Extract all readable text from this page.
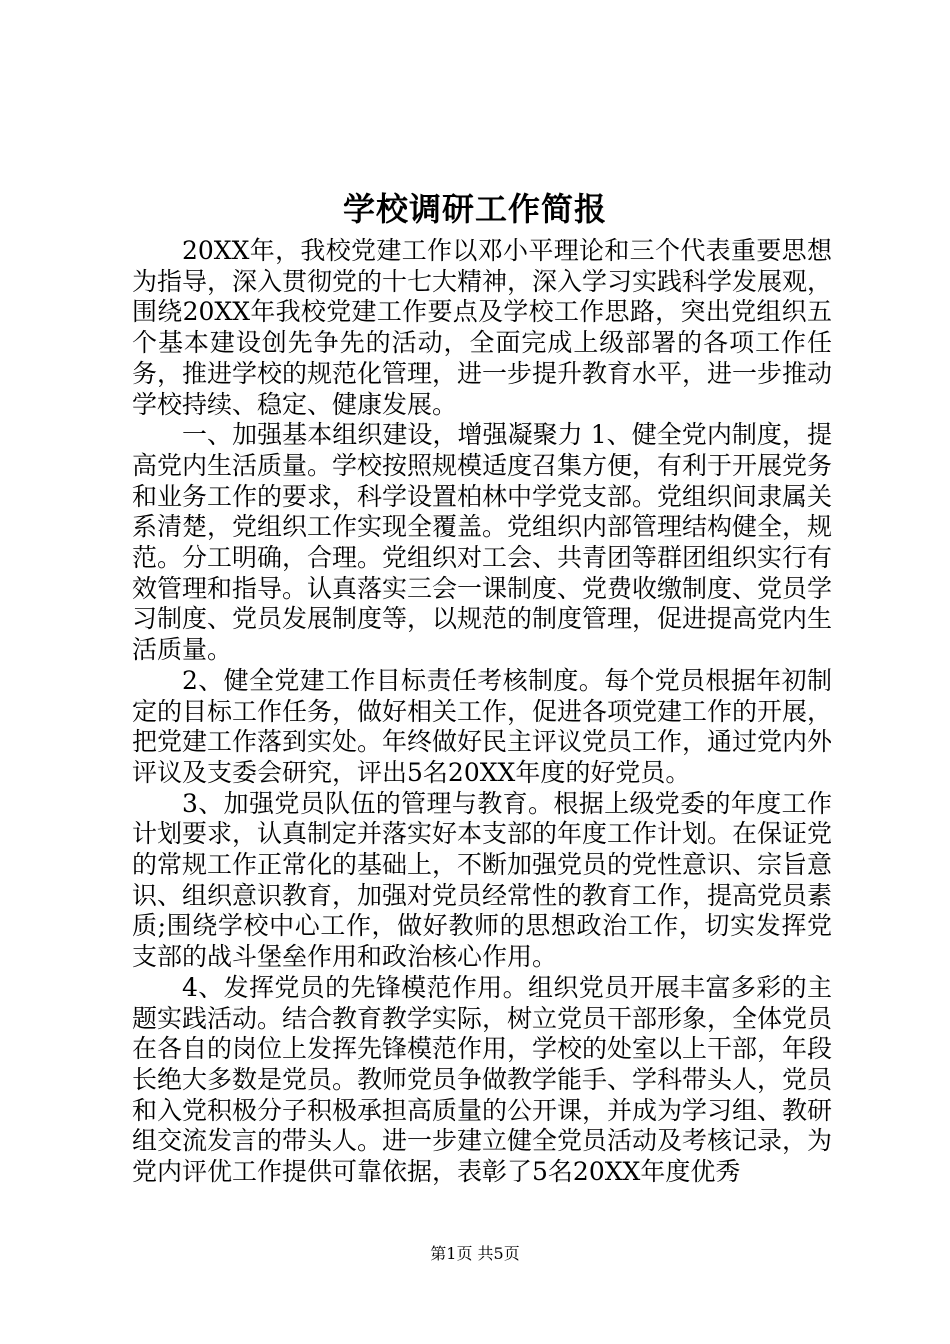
学校调研工作简报

20XX年，我校党建工作以邓小平理论和三个代表重要思想为指导，深入贯彻党的十七大精神，深入学习实践科学发展观，围绕20XX年我校党建工作要点及学校工作思路，突出党组织五个基本建设创先争先的活动，全面完成上级部署的各项工作任务，推进学校的规范化管理，进一步提升教育水平，进一步推动学校持续、稳定、健康发展。

一、加强基本组织建设，增强凝聚力 1、健全党内制度，提高党内生活质量。学校按照规模适度召集方便，有利于开展党务和业务工作的要求，科学设置柏林中学党支部。党组织间隶属关系清楚，党组织工作实现全覆盖。党组织内部管理结构健全，规范。分工明确，合理。党组织对工会、共青团等群团组织实行有效管理和指导。认真落实三会一课制度、党费收缴制度、党员学习制度、党员发展制度等，以规范的制度管理，促进提高党内生活质量。

2、健全党建工作目标责任考核制度。每个党员根据年初制定的目标工作任务，做好相关工作，促进各项党建工作的开展，把党建工作落到实处。年终做好民主评议党员工作，通过党内外评议及支委会研究，评出5名20XX年度的好党员。

3、加强党员队伍的管理与教育。根据上级党委的年度工作计划要求，认真制定并落实好本支部的年度工作计划。在保证党的常规工作正常化的基础上，不断加强党员的党性意识、宗旨意识、组织意识教育，加强对党员经常性的教育工作，提高党员素质;围绕学校中心工作，做好教师的思想政治工作，切实发挥党支部的战斗堡垒作用和政治核心作用。

4、发挥党员的先锋模范作用。组织党员开展丰富多彩的主题实践活动。结合教育教学实际，树立党员干部形象，全体党员在各自的岗位上发挥先锋模范作用，学校的处室以上干部，年段长绝大多数是党员。教师党员争做教学能手、学科带头人，党员和入党积极分子积极承担高质量的公开课，并成为学习组、教研组交流发言的带头人。进一步建立健全党员活动及考核记录，为党内评优工作提供可靠依据，表彰了5名20XX年度优秀

第1页 共5页
